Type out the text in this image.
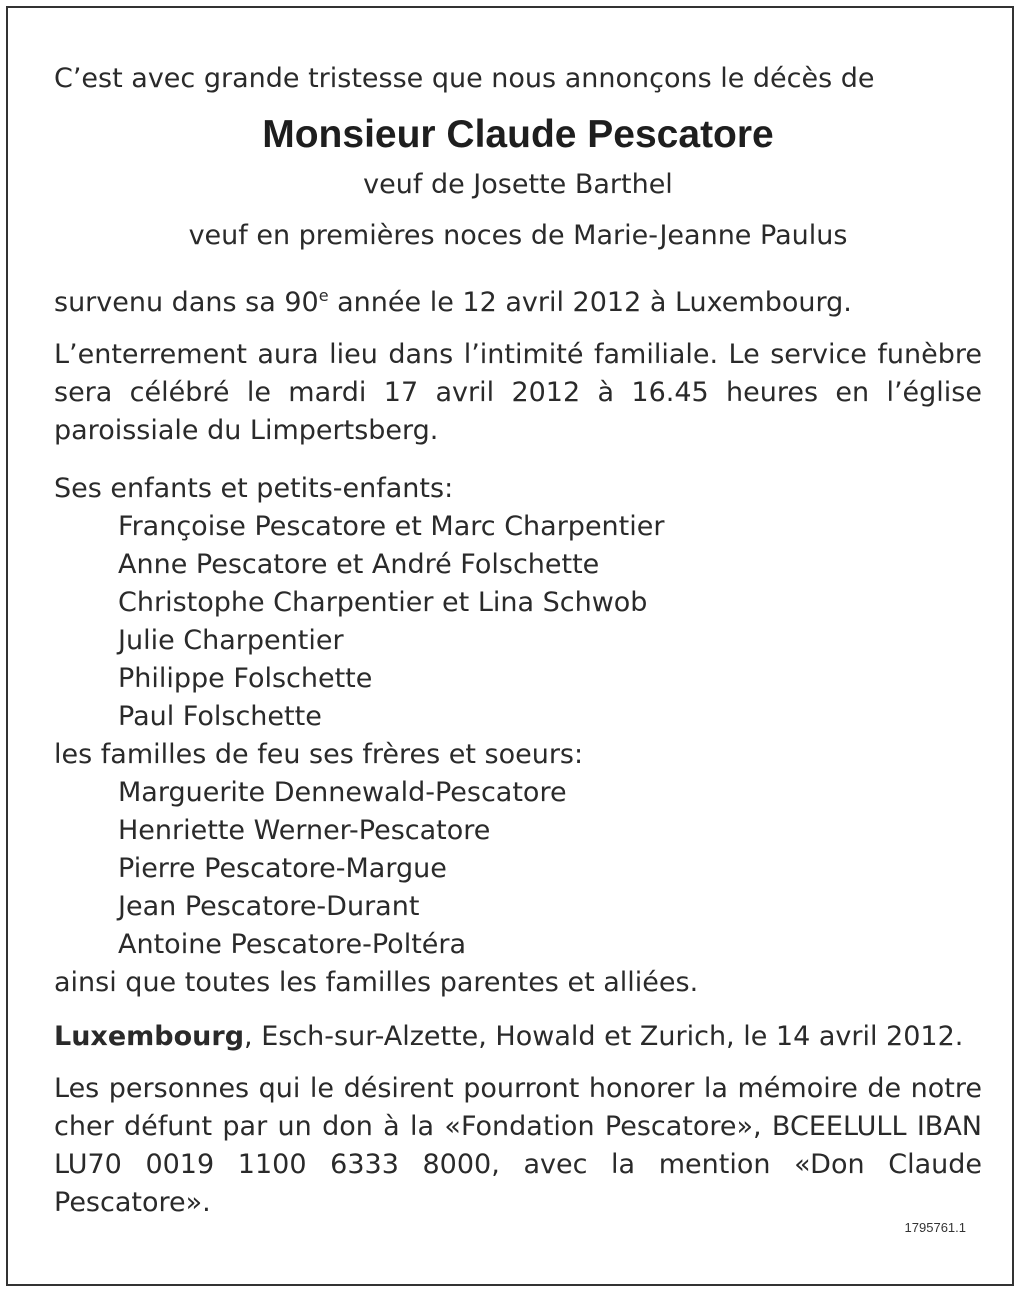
C’est avec grande tristesse que nous annonçons le décès de

Monsieur Claude Pescatore

veuf de Josette Barthel

veuf en premières noces de Marie-Jeanne Paulus

survenu dans sa 90e année le 12 avril 2012 à Luxembourg.

L’enterrement aura lieu dans l’intimité familiale. Le service funèbre sera célébré le mardi 17 avril 2012 à 16.45 heures en l’église paroissiale du Limpertsberg.

Ses enfants et petits-enfants:

Françoise Pescatore et Marc Charpentier

Anne Pescatore et André Folschette

Christophe Charpentier et Lina Schwob

Julie Charpentier

Philippe Folschette

Paul Folschette

les familles de feu ses frères et soeurs:

Marguerite Dennewald-Pescatore

Henriette Werner-Pescatore

Pierre Pescatore-Margue

Jean Pescatore-Durant

Antoine Pescatore-Poltéra

ainsi que toutes les familles parentes et alliées.

Luxembourg, Esch-sur-Alzette, Howald et Zurich, le 14 avril 2012.

Les personnes qui le désirent pourront honorer la mémoire de notre cher défunt par un don à la «Fondation Pescatore», BCEELULL IBAN LU70 0019 1100 6333 8000, avec la mention «Don Claude Pescatore».

1795761.1
